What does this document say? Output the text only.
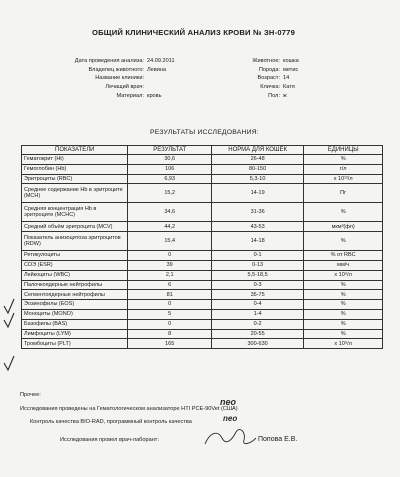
ОБЩИЙ КЛИНИЧЕСКИЙ АНАЛИЗ КРОВИ № ЗН-0779
Дата проведения анализа: 24.09.2011
Владелец животного: Левина
Название клиники:
Лечащий врач:
Материал: кровь
Животное: кошка
Порода: метис
Возраст: 14
Кличка: Катя
Пол: ж
РЕЗУЛЬТАТЫ ИССЛЕДОВАНИЯ:
ПОКАЗАТЕЛИ	РЕЗУЛЬТАТ	НОРМА ДЛЯ КОШЕК	ЕДИНИЦЫ
Гематокрит (Ht)	30,6	26-48	%
Гемоглобин (Hb)	106	80-150	г/л
Эритроциты (RBC)	6,93	5,3-10	х 10¹²/л
Среднее содержание Hb в эритроците (MCH)	15,2	14-19	Пг
Средняя концентрация Hb в эритроците (MCHC)	34,6	31-36	%
Средний объём эритроцита (MCV)	44,2	43-53	мкм³(фл)
Показатель анизоцитоза эритроцитов (RDW)	15,4	14-18	%
Ретикулоциты	0	0-1	% от RBC
СОЭ (ESR)	39	0-13	мм/ч
Лейкоциты (WBC)	2,1	5,5-18,5	х 10⁹/л
Палочкоядерные нейтрофилы	6	0-3	%
Сегментоядерные нейтрофилы	81	35-75	%
Эозинофилы (EOS)	0	0-4	%
Моноциты (MONO)	5	1-4	%
Базофилы (BAS)	0	0-2	%
Лимфоциты (LYM)	8	20-55	%
Тромбоциты (PLT)	165	300-630	х 10⁹/л
Прочее:
Исследования проведены на Гематологическом анализаторе HTI PCE-90Vet (США)
Контроль качества BIO-RAD, программный контроль качества
Исследования провел врач-лаборант:	Попова Е.В.
neo
neo
